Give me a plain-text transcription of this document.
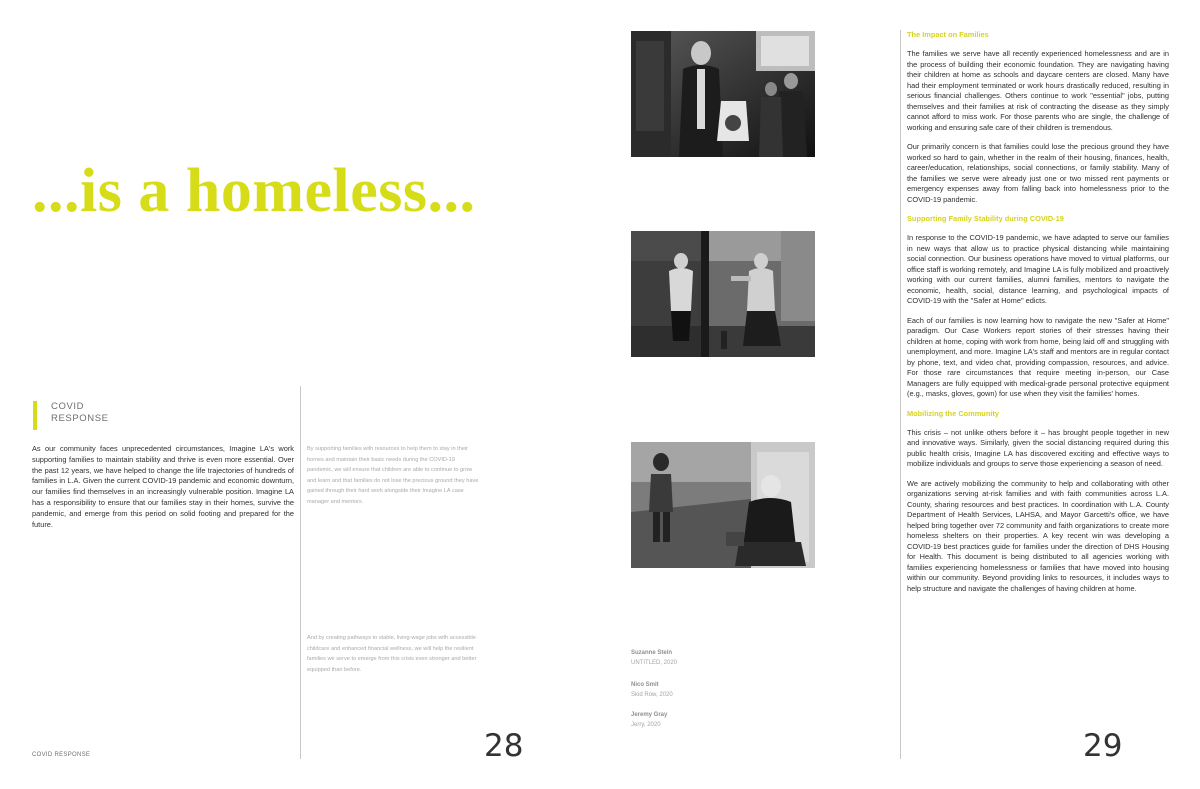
...is a homeless...
COVID
RESPONSE
As our community faces unprecedented circumstances, Imagine LA's work supporting families to maintain stability and thrive is even more essential. Over the past 12 years, we have helped to change the life trajectories of hundreds of families in L.A. Given the current COVID-19 pandemic and economic downturn, our families find themselves in an increasingly vulnerable position. Imagine LA has a responsibility to ensure that our families stay in their homes, survive the pandemic, and emerge from this period on solid footing and prepared for the future.
By supporting families with resources to help them to stay in their homes and maintain their basic needs during the COVID-19 pandemic, we will ensure that children are able to continue to grow and learn and that families do not lose the precious ground they have gained through their hard work alongside their Imagine LA case manager and mentors.
And by creating pathways to stable, living-wage jobs with accessible childcare and enhanced financial wellness, we will help the resilient families we serve to emerge from this crisis even stronger and better equipped than before.
28
COVID RESPONSE
Suzanne Stein
UNTITLED, 2020
Nico Smit
Skid Row, 2020
Jeremy Gray
Jerry, 2020
The Impact on Families

The families we serve have all recently experienced homelessness and are in the process of building their economic foundation. They are navigating having their children at home as schools and daycare centers are closed. Many have had their employment terminated or work hours drastically reduced, resulting in serious financial challenges. Others continue to work "essential" jobs, putting themselves and their families at risk of contracting the disease as they simply cannot afford to miss work. For those parents who are single, the challenge of working and ensuring safe care of their children is tremendous.

Our primarily concern is that families could lose the precious ground they have worked so hard to gain, whether in the realm of their housing, finances, health, career/education, relationships, social connections, or family stability. Many of the families we serve were already just one or two missed rent payments or emergency expenses away from falling back into homelessness prior to the COVID-19 pandemic.

Supporting Family Stability during COVID-19

In response to the COVID-19 pandemic, we have adapted to serve our families in new ways that allow us to practice physical distancing while maintaining social connection. Our business operations have moved to virtual platforms, our office staff is working remotely, and Imagine LA is fully mobilized and proactively working with our current families, alumni families, mentors to navigate the economic, health, social, distance learning, and psychological impacts of COVID-19 with the "Safer at Home" edicts.

Each of our families is now learning how to navigate the new "Safer at Home" paradigm. Our Case Workers report stories of their stresses having their children at home, coping with work from home, being laid off and struggling with unemployment, and more. Imagine LA's staff and mentors are in regular contact by phone, text, and video chat, providing compassion, resources, and advice. For those rare circumstances that require meeting in-person, our Case Managers are fully equipped with medical-grade personal protective equipment (e.g., masks, gloves, gown) for use when they visit the families' homes.

Mobilizing the Community

This crisis – not unlike others before it – has brought people together in new and innovative ways. Similarly, given the social distancing required during this public health crisis, Imagine LA has discovered exciting and effective ways to mobilize individuals and groups to serve those experiencing a season of need.

We are actively mobilizing the community to help and collaborating with other organizations serving at-risk families and with faith communities across L.A. County, sharing resources and best practices. In coordination with L.A. County Department of Health Services, LAHSA, and Mayor Garcetti's office, we have helped bring together over 72 community and faith organizations to create more homeless shelters on their properties. A key recent win was developing a COVID-19 best practices guide for families under the direction of DHS Housing for Health. This document is being distributed to all agencies working with families experiencing homelessness or families that have moved into housing within our community. Beyond providing links to resources, it includes ways to help structure and navigate the challenges of having children at home.

29
